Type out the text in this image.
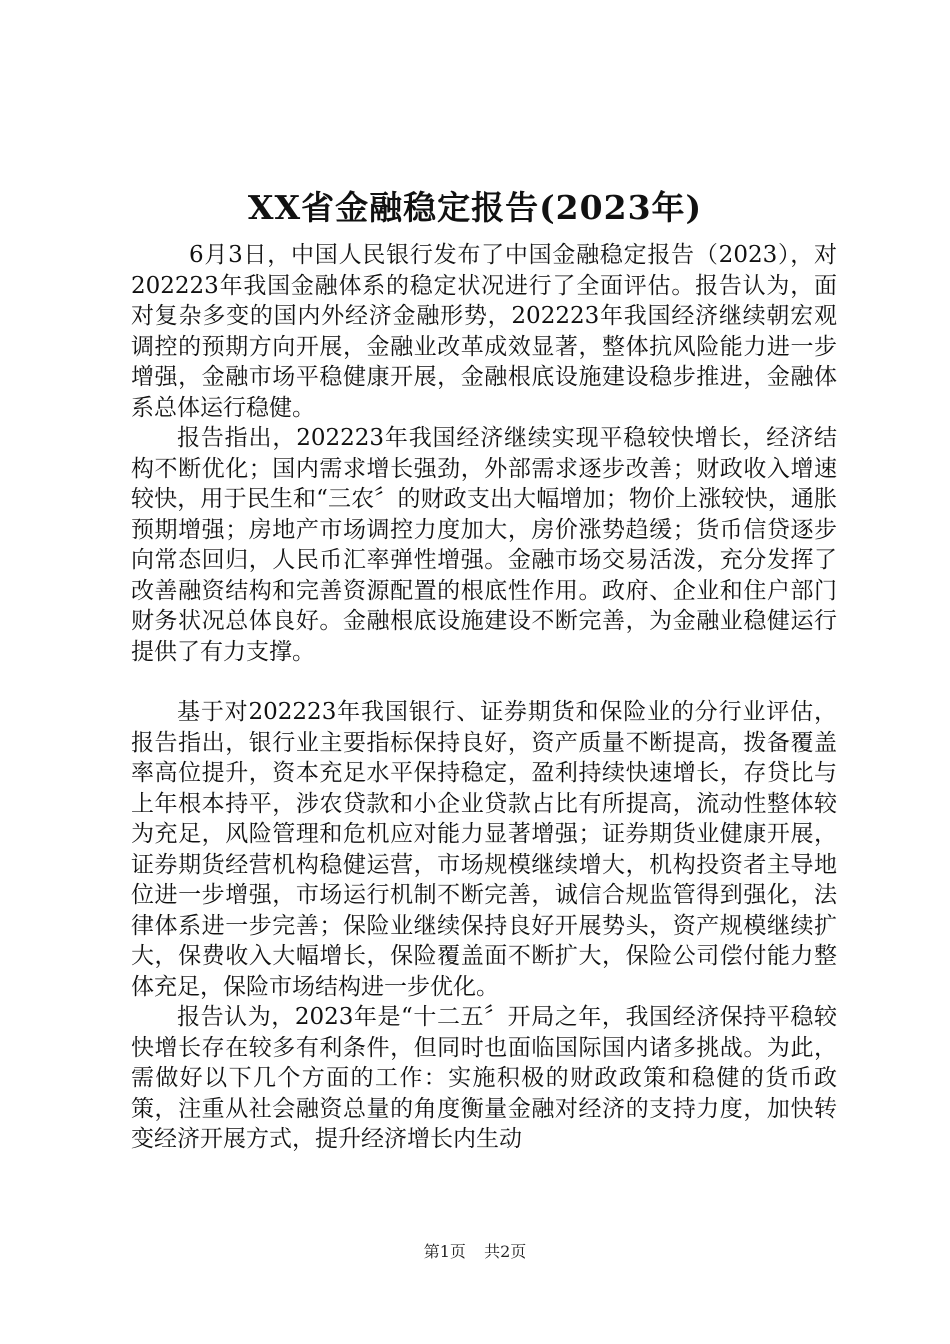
XX省金融稳定报告(2023年)

6月3日，中国人民银行发布了中国金融稳定报告（2023），对202223年我国金融体系的稳定状况进行了全面评估。报告认为，面对复杂多变的国内外经济金融形势，202223年我国经济继续朝宏观调控的预期方向开展，金融业改革成效显著，整体抗风险能力进一步增强，金融市场平稳健康开展，金融根底设施建设稳步推进，金融体系总体运行稳健。

报告指出，202223年我国经济继续实现平稳较快增长，经济结构不断优化；国内需求增长强劲，外部需求逐步改善；财政收入增速较快，用于民生和“三农〞的财政支出大幅增加；物价上涨较快，通胀预期增强；房地产市场调控力度加大，房价涨势趋缓；货币信贷逐步向常态回归，人民币汇率弹性增强。金融市场交易活泼，充分发挥了改善融资结构和完善资源配置的根底性作用。政府、企业和住户部门财务状况总体良好。金融根底设施建设不断完善，为金融业稳健运行提供了有力支撑。

基于对202223年我国银行、证券期货和保险业的分行业评估，报告指出，银行业主要指标保持良好，资产质量不断提高，拨备覆盖率高位提升，资本充足水平保持稳定，盈利持续快速增长，存贷比与上年根本持平，涉农贷款和小企业贷款占比有所提高，流动性整体较为充足，风险管理和危机应对能力显著增强；证券期货业健康开展，证券期货经营机构稳健运营，市场规模继续增大，机构投资者主导地位进一步增强，市场运行机制不断完善，诚信合规监管得到强化，法律体系进一步完善；保险业继续保持良好开展势头，资产规模继续扩大，保费收入大幅增长，保险覆盖面不断扩大，保险公司偿付能力整体充足，保险市场结构进一步优化。

报告认为，2023年是“十二五〞开局之年，我国经济保持平稳较快增长存在较多有利条件，但同时也面临国际国内诸多挑战。为此，需做好以下几个方面的工作：实施积极的财政政策和稳健的货币政策，注重从社会融资总量的角度衡量金融对经济的支持力度，加快转变经济开展方式，提升经济增长内生动

第1页 共2页
